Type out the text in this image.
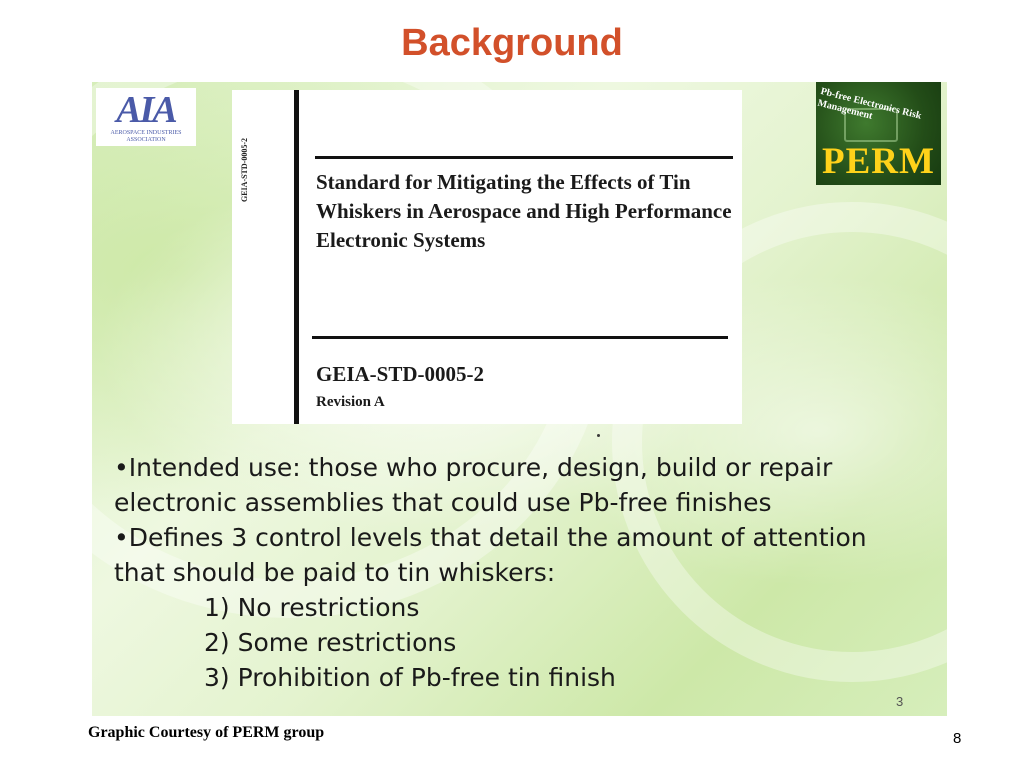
Background
AIA
AEROSPACE INDUSTRIES ASSOCIATION	GEIA-STD-0005-2	Standard for Mitigating the Effects of Tin Whiskers in Aerospace and High Performance Electronic Systems
GEIA-STD-0005-2
Revision A
Pb-free Electronics Risk Management
PERM

•Intended use: those who procure, design, build or repair electronic assemblies that could use Pb-free finishes

•Defines 3 control levels that detail the amount of attention that should be paid to tin whiskers:

1) No restrictions
2) Some restrictions
3) Prohibition of Pb-free tin finish
3
Graphic Courtesy of PERM group	8
